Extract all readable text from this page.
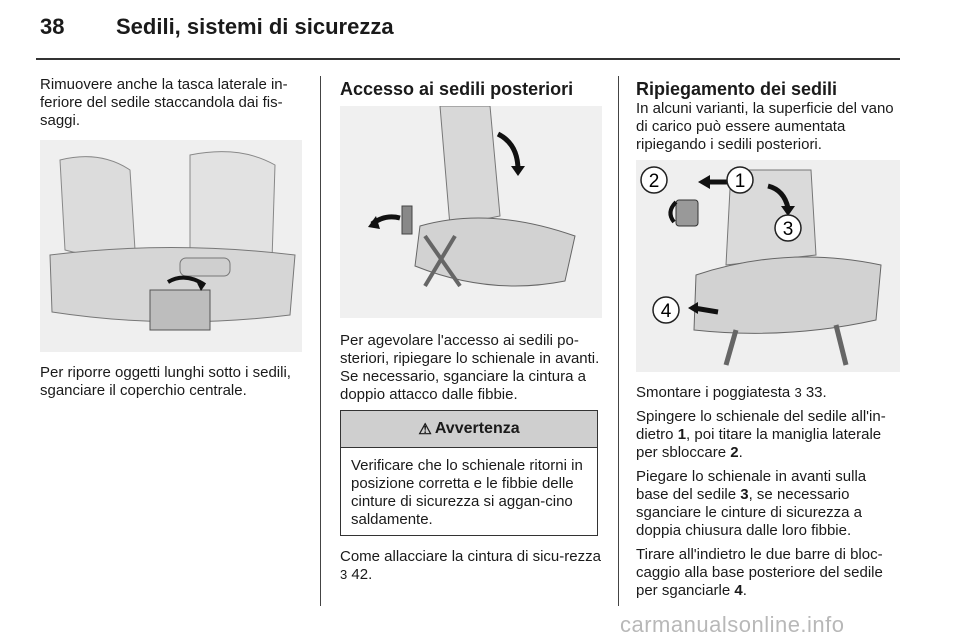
38 Sedili, sistemi di sicurezza

Rimuovere anche la tasca laterale in-feriore del sedile staccandola dai fis-saggi.

Per riporre oggetti lunghi sotto i sedili, sganciare il coperchio centrale.

Accesso ai sedili posteriori

Per agevolare l'accesso ai sedili po-steriori, ripiegare lo schienale in avanti. Se necessario, sganciare la cintura a doppio attacco dalle fibbie.

⚠ Avvertenza
Verificare che lo schienale ritorni in posizione corretta e le fibbie delle cinture di sicurezza si aggan-cino saldamente.

Come allacciare la cintura di sicu-rezza 3 42.

Ripiegamento dei sedili

In alcuni varianti, la superficie del vano di carico può essere aumentata ripiegando i sedili posteriori.

2	1
3
4

Smontare i poggiatesta 3 33.

Spingere lo schienale del sedile all'in-dietro 1, poi titare la maniglia laterale per sbloccare 2.

Piegare lo schienale in avanti sulla base del sedile 3, se necessario sganciare le cinture di sicurezza a doppia chiusura dalle loro fibbie.

Tirare all'indietro le due barre di bloc-caggio alla base posteriore del sedile per sganciarle 4.

carmanualsonline.info
